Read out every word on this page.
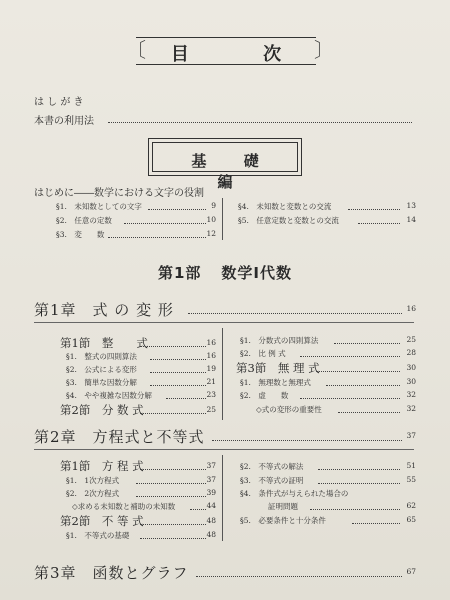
〔	〕
目 次
は し が き
本書の利用法
基 礎 編
はじめに――数学における文字の役割
§1.　未知数としての文字	9
§2.　任意の定数	10
§3.　変　　数	12
§4.　未知数と変数との交流	13
§5.　任意定数と変数との交流	14
第1部 数学Ⅰ代数
第1章　式 の 変 形	16
第1節　整　　式	16
§1.　整式の四則算法	16
§2.　公式による変形	19
§3.　簡単な因数分解	21
§4.　やや複雑な因数分解	23
第2節　分 数 式	25
§1.　分数式の四則算法	25
§2.　比 例 式	28
第3節　無 理 式	30
§1.　無理数と無理式	30
§2.　虚　　数	32
◇式の変形の重要性	32
第2章　方程式と不等式	37
第1節　方 程 式	37
§1.　1次方程式	37
§2.　2次方程式	39
◇求める未知数と補助の未知数	44
第2節　不 等 式	48
§1.　不等式の基礎	48
§2.　不等式の解法	51
§3.　不等式の証明	55
§4.　条件式が与えられた場合の
証明問題	62
§5.　必要条件と十分条件	65
第3章　函数とグラフ	67
